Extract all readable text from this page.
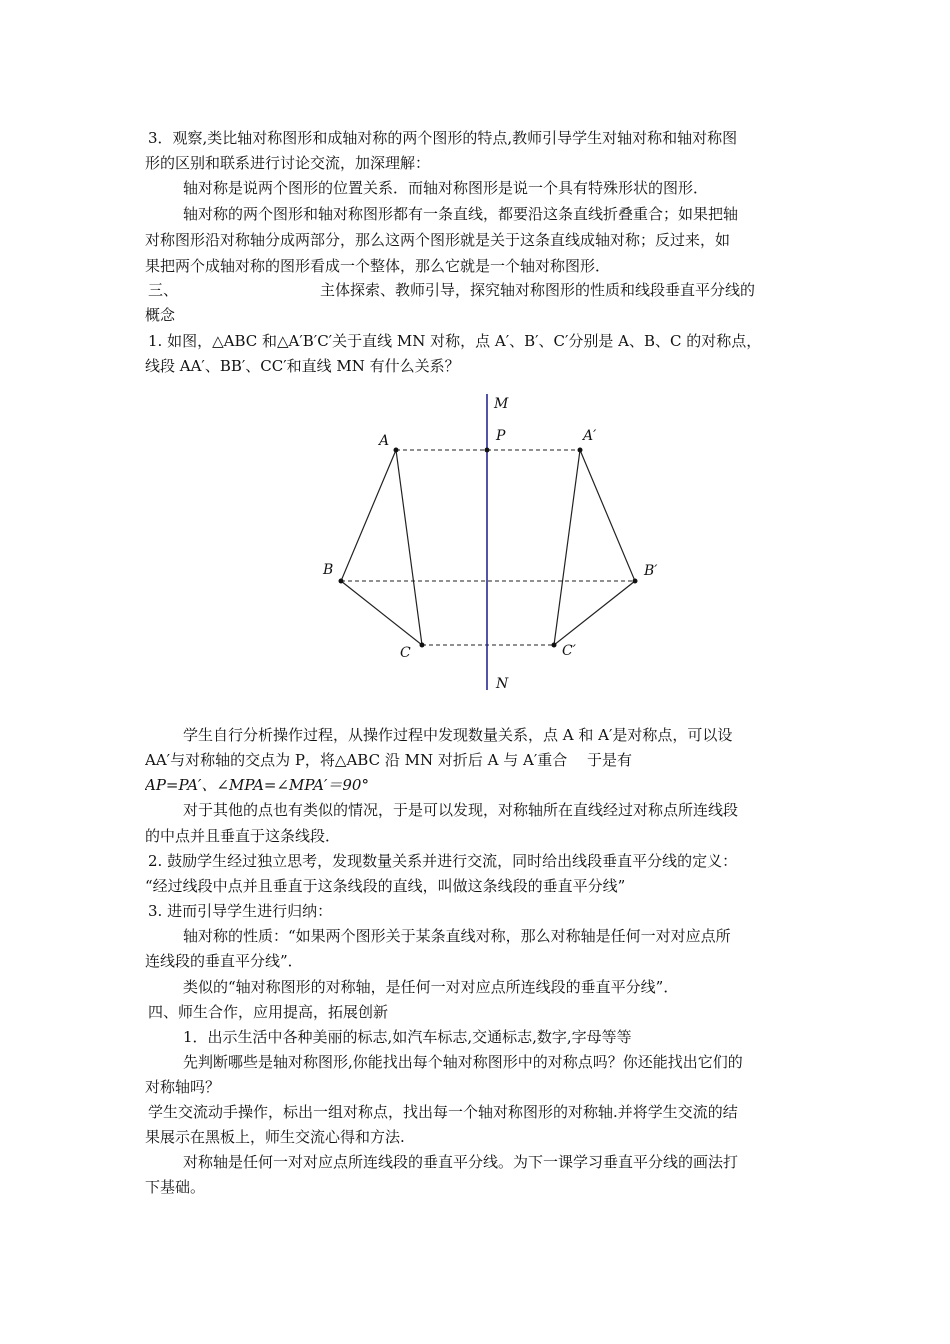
3．观察,类比轴对称图形和成轴对称的两个图形的特点,教师引导学生对轴对称和轴对称图
形的区别和联系进行讨论交流，加深理解：
轴对称是说两个图形的位置关系．而轴对称图形是说一个具有特殊形状的图形．
轴对称的两个图形和轴对称图形都有一条直线，都要沿这条直线折叠重合；如果把轴
对称图形沿对称轴分成两部分，那么这两个图形就是关于这条直线成轴对称；反过来，如
果把两个成轴对称的图形看成一个整体，那么它就是一个轴对称图形．
三、	主体探索、教师引导，探究轴对称图形的性质和线段垂直平分线的
概念
1. 如图，△ABC 和△A′B′C′关于直线 MN 对称，点 A′、B′、C′分别是 A、B、C 的对称点，
线段 AA′、BB′、CC′和直线 MN 有什么关系？
M
N
P
A
B
C
A′
B′
C′
学生自行分析操作过程，从操作过程中发现数量关系，点 A 和 A′是对称点，可以设
AA′与对称轴的交点为 P，将△ABC 沿 MN 对折后 A 与 A′重合　 于是有
AP=PA′、∠MPA=∠MPA′＝90°
对于其他的点也有类似的情况，于是可以发现，对称轴所在直线经过对称点所连线段
的中点并且垂直于这条线段．
2. 鼓励学生经过独立思考，发现数量关系并进行交流，同时给出线段垂直平分线的定义：
“经过线段中点并且垂直于这条线段的直线，叫做这条线段的垂直平分线”
3. 进而引导学生进行归纳：
轴对称的性质：“如果两个图形关于某条直线对称，那么对称轴是任何一对对应点所
连线段的垂直平分线”．
类似的“轴对称图形的对称轴，是任何一对对应点所连线段的垂直平分线”．
四、师生合作，应用提高，拓展创新
1．出示生活中各种美丽的标志,如汽车标志,交通标志,数字,字母等等
先判断哪些是轴对称图形,你能找出每个轴对称图形中的对称点吗？你还能找出它们的
对称轴吗？
学生交流动手操作，标出一组对称点，找出每一个轴对称图形的对称轴.并将学生交流的结
果展示在黑板上，师生交流心得和方法.
对称轴是任何一对对应点所连线段的垂直平分线。为下一课学习垂直平分线的画法打
下基础。
